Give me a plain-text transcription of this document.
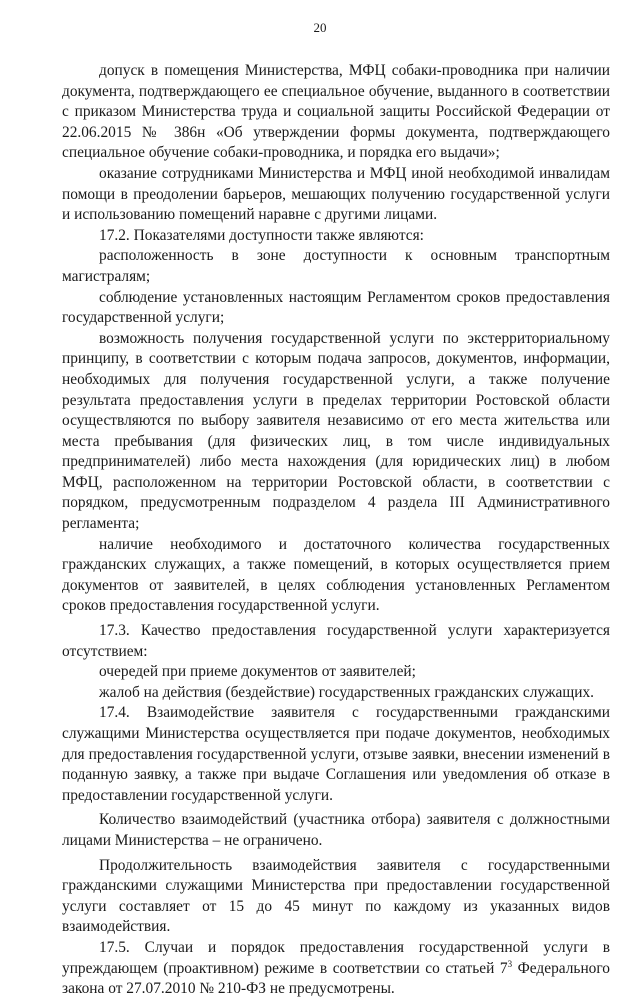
20

допуск в помещения Министерства, МФЦ собаки-проводника при наличии документа, подтверждающего ее специальное обучение, выданного в соответствии с приказом Министерства труда и социальной защиты Российской Федерации от 22.06.2015 № 386н «Об утверждении формы документа, подтверждающего специальное обучение собаки-проводника, и порядка его выдачи»;

оказание сотрудниками Министерства и МФЦ иной необходимой инвалидам помощи в преодолении барьеров, мешающих получению государственной услуги и использованию помещений наравне с другими лицами.

17.2. Показателями доступности также являются:

расположенность в зоне доступности к основным транспортным магистралям;

соблюдение установленных настоящим Регламентом сроков предоставления государственной услуги;

возможность получения государственной услуги по экстерриториальному принципу, в соответствии с которым подача запросов, документов, информации, необходимых для получения государственной услуги, а также получение результата предоставления услуги в пределах территории Ростовской области осуществляются по выбору заявителя независимо от его места жительства или места пребывания (для физических лиц, в том числе индивидуальных предпринимателей) либо места нахождения (для юридических лиц) в любом МФЦ, расположенном на территории Ростовской области, в соответствии с порядком, предусмотренным подразделом 4 раздела III Административного регламента;

наличие необходимого и достаточного количества государственных гражданских служащих, а также помещений, в которых осуществляется прием документов от заявителей, в целях соблюдения установленных Регламентом сроков предоставления государственной услуги.

17.3. Качество предоставления государственной услуги характеризуется отсутствием:

очередей при приеме документов от заявителей;

жалоб на действия (бездействие) государственных гражданских служащих.

17.4. Взаимодействие заявителя с государственными гражданскими служащими Министерства осуществляется при подаче документов, необходимых для предоставления государственной услуги, отзыве заявки, внесении изменений в поданную заявку, а также при выдаче Соглашения или уведомления об отказе в предоставлении государственной услуги.

Количество взаимодействий (участника отбора) заявителя с должностными лицами Министерства – не ограничено.

Продолжительность взаимодействия заявителя с государственными гражданскими служащими Министерства при предоставлении государственной услуги составляет от 15 до 45 минут по каждому из указанных видов взаимодействия.

17.5. Случаи и порядок предоставления государственной услуги в упреждающем (проактивном) режиме в соответствии со статьей $7^3$ Федерального закона от 27.07.2010 № 210-ФЗ не предусмотрены.
